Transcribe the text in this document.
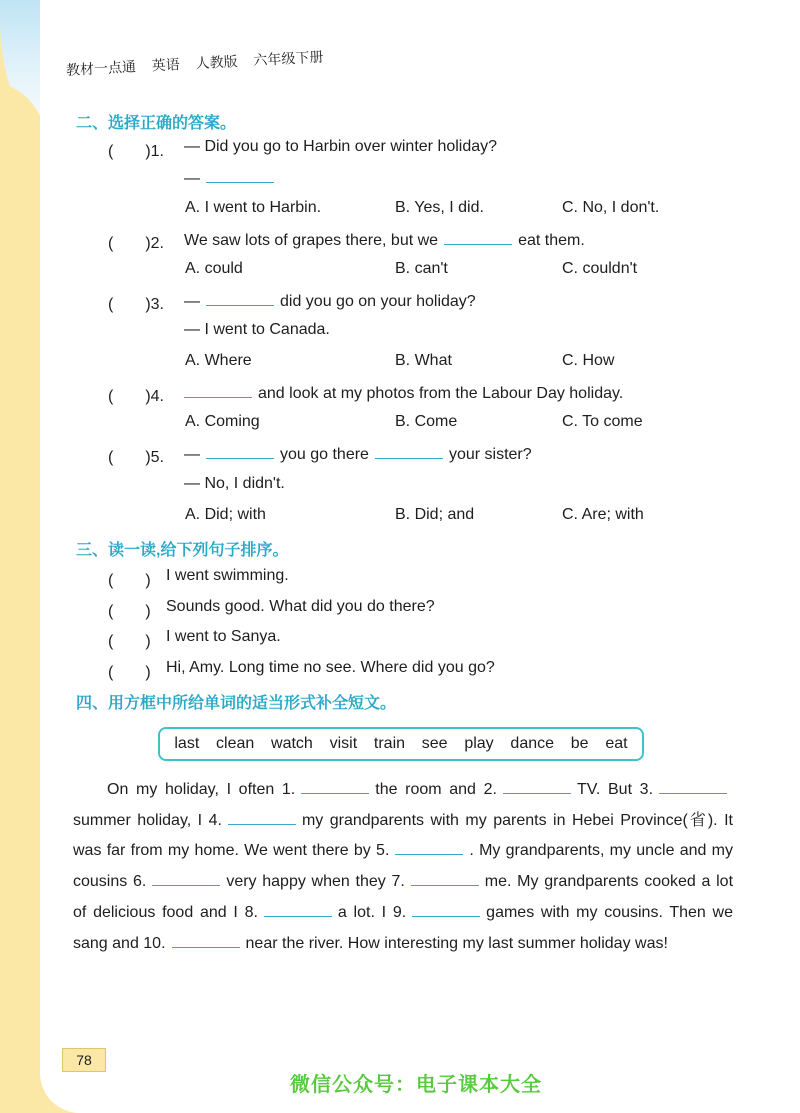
教材一点通 英语 人教版 六年级下册
二、选择正确的答案。
(　　)1. — Did you go to Harbin over winter holiday?
—
A. I went to Harbin.	B. Yes, I did.	C. No, I don't.
(　　)2. We saw lots of grapes there, but we	eat them.
A. could	B. can't	C. couldn't
(　　)3. —	did you go on your holiday?
— I went to Canada.
A. Where	B. What	C. How
(　　)4.	and look at my photos from the Labour Day holiday.
A. Coming	B. Come	C. To come
(　　)5. —	you go there	your sister?
— No, I didn't.
A. Did; with	B. Did; and	C. Are; with
三、读一读,给下列句子排序。
(　　) I went swimming.
(　　) Sounds good. What did you do there?
(　　) I went to Sanya.
(　　) Hi, Amy. Long time no see. Where did you go?
四、用方框中所给单词的适当形式补全短文。
last clean watch visit train see play dance be eat
On my holiday, I often 1.	the room and 2.	TV. But 3. summer holiday, I 4.	my grandparents with my parents in Hebei Province(省). It was far from my home. We went there by 5.	. My grandparents, my uncle and my cousins 6.	very happy when they 7.	me. My grandparents cooked a lot of delicious food and I 8.	a lot. I 9.	games with my cousins. Then we sang and 10.	near the river. How interesting my last summer holiday was!
78
微信公众号：电子课本大全
